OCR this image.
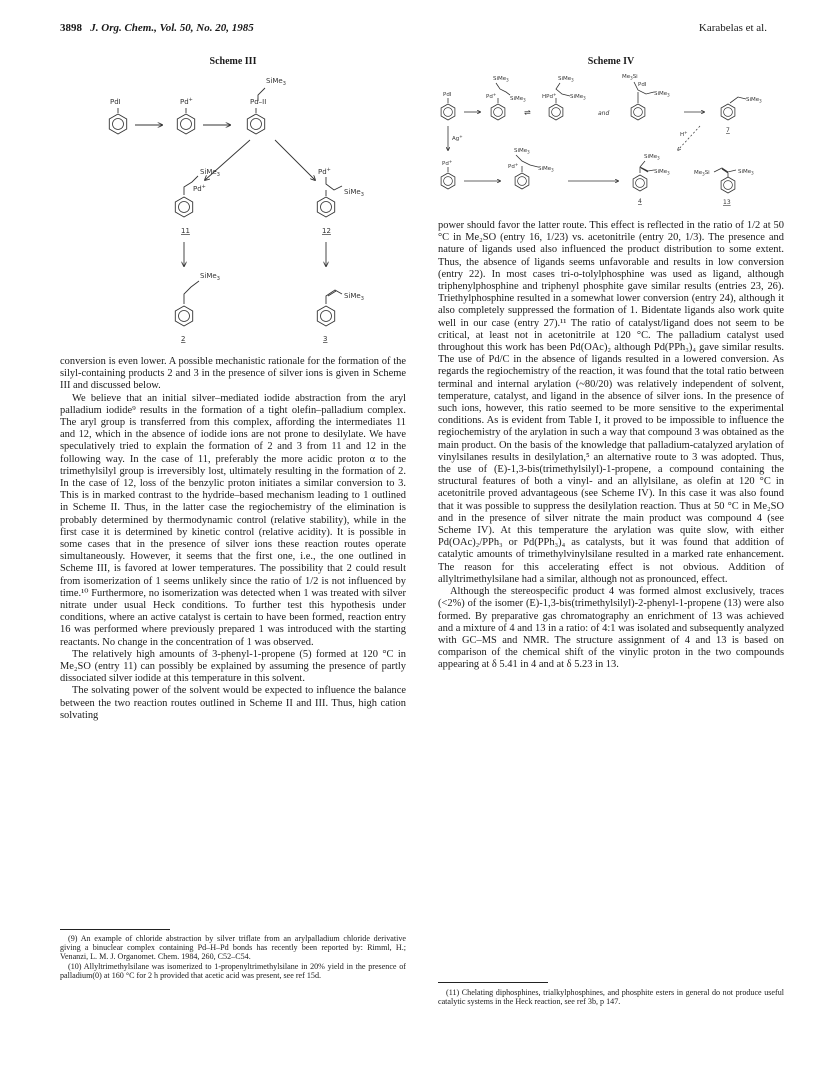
3898 J. Org. Chem., Vol. 50, No. 20, 1985	Karabelas et al.
Scheme III
PdI	Pd+
SiMe$_3$
Pd–II
SiMe$_3$
Pd+
11
Pd+
SiMe$_3$
12
SiMe$_3$
2
SiMe$_3$
3

conversion is even lower. A possible mechanistic rationale for the formation of the silyl-containing products 2 and 3 in the presence of silver ions is given in Scheme III and discussed below.

We believe that an initial silver–mediated iodide abstraction from the aryl palladium iodide⁹ results in the formation of a tight olefin–palladium complex. The aryl group is transferred from this complex, affording the intermediates 11 and 12, which in the absence of iodide ions are not prone to desilylate. We have speculatively tried to explain the formation of 2 and 3 from 11 and 12 in the following way. In the case of 11, preferably the more acidic proton α to the trimethylsilyl group is irreversibly lost, ultimately resulting in the formation of 2. In the case of 12, loss of the benzylic proton initiates a similar conversion to 3. This is in marked contrast to the hydride–based mechanism leading to 1 outlined in Scheme II. Thus, in the latter case the regiochemistry of the elimination is probably determined by thermodynamic control (relative stability), while in the first case it is determined by kinetic control (relative acidity). It is possible in some cases that in the presence of silver ions these reaction routes operate simultaneously. However, it seems that the first one, i.e., the one outlined in Scheme III, is favored at lower temperatures. The possibility that 2 could result from isomerization of 1 seems unlikely since the ratio of 1/2 is not influenced by time.¹⁰ Furthermore, no isomerization was detected when 1 was treated with silver nitrate under usual Heck conditions. To further test this hypothesis under conditions, where an active catalyst is certain to have been formed, reaction entry 16 was performed where previously prepared 1 was introduced with the starting reactants. No change in the concentration of 1 was observed.

The relatively high amounts of 3-phenyl-1-propene (5) formed at 120 °C in Me₂SO (entry 11) can possibly be explained by assuming the presence of partly dissociated silver iodide at this temperature in this solvent.

The solvating power of the solvent would be expected to influence the balance between the two reaction routes outlined in Scheme II and III. Thus, high cation solvating

(9) An example of chloride abstraction by silver triflate from an arylpalladium chloride derivative giving a binuclear complex containing Pd–H–Pd bonds has recently been reported by: Rimml, H.; Venanzi, L. M. J. Organomet. Chem. 1984, 260, C52–C54.

(10) Allyltrimethylsilane was isomerized to 1-propenyltrimethylsilane in 20% yield in the presence of palladium(0) at 160 °C for 2 h provided that acetic acid was present, see ref 15d.

Scheme IV
PdI
SiMe$_3$
SiMe$_3$
Pd+
⇌
SiMe$_3$
SiMe$_3$
HPd+
and
$Me_3Si$
PdI
SiMe$_3$
SiMe$_3$
7
Ag+	H+
Pd+
SiMe$_3$
SiMe$_3$
Pd+
SiMe$_3$
SiMe$_3$
4
$Me_3Si$	SiMe$_3$
13

power should favor the latter route. This effect is reflected in the ratio of 1/2 at 50 °C in Me₂SO (entry 16, 1/23) vs. acetonitrile (entry 20, 1/3). The presence and nature of ligands used also influenced the product distribution to some extent. Thus, the absence of ligands seems unfavorable and results in low conversion (entry 22). In most cases tri-o-tolylphosphine was used as ligand, although triphenylphosphine and triphenyl phosphite gave similar results (entries 23, 26). Triethylphosphine resulted in a somewhat lower conversion (entry 24), although it also completely suppressed the formation of 1. Bidentate ligands also work quite well in our case (entry 27).¹¹ The ratio of catalyst/ligand does not seem to be critical, at least not in acetonitrile at 120 °C. The palladium catalyst used throughout this work has been Pd(OAc)₂ although Pd(PPh₃)₄ gave similar results. The use of Pd/C in the absence of ligands resulted in a lowered conversion. As regards the regiochemistry of the reaction, it was found that the total ratio between terminal and internal arylation (~80/20) was relatively independent of solvent, temperature, catalyst, and ligand in the absence of silver ions. In the presence of such ions, however, this ratio seemed to be more sensitive to the experimental conditions. As is evident from Table I, it proved to be impossible to influence the regiochemistry of the arylation in such a way that compound 3 was obtained as the main product. On the basis of the knowledge that palladium-catalyzed arylation of vinylsilanes results in desilylation,⁵ an alternative route to 3 was adopted. Thus, the use of (E)-1,3-bis(trimethylsilyl)-1-propene, a compound containing the structural features of both a vinyl- and an allylsilane, as olefin at 120 °C in acetonitrile proved advantageous (see Scheme IV). In this case it was also found that it was possible to suppress the desilylation reaction. Thus at 50 °C in Me₂SO and in the presence of silver nitrate the main product was compound 4 (see Scheme IV). At this temperature the arylation was quite slow, with either Pd(OAc)₂/PPh₃ or Pd(PPh₃)₄ as catalysts, but it was found that addition of catalytic amounts of trimethylvinylsilane resulted in a marked rate enhancement. The reason for this accelerating effect is not obvious. Addition of allyltrimethylsilane had a similar, although not as pronounced, effect.

Although the stereospecific product 4 was formed almost exclusively, traces (<2%) of the isomer (E)-1,3-bis(trimethylsilyl)-2-phenyl-1-propene (13) were also formed. By preparative gas chromatography an enrichment of 13 was achieved and a mixture of 4 and 13 in a ratio: of 4:1 was isolated and subsequently analyzed with GC–MS and NMR. The structure assignment of 4 and 13 is based on comparison of the chemical shift of the vinylic proton in the two compounds appearing at δ 5.41 in 4 and at δ 5.23 in 13.

(11) Chelating diphosphines, trialkylphosphines, and phosphite esters in general do not produce useful catalytic systems in the Heck reaction, see ref 3b, p 147.
